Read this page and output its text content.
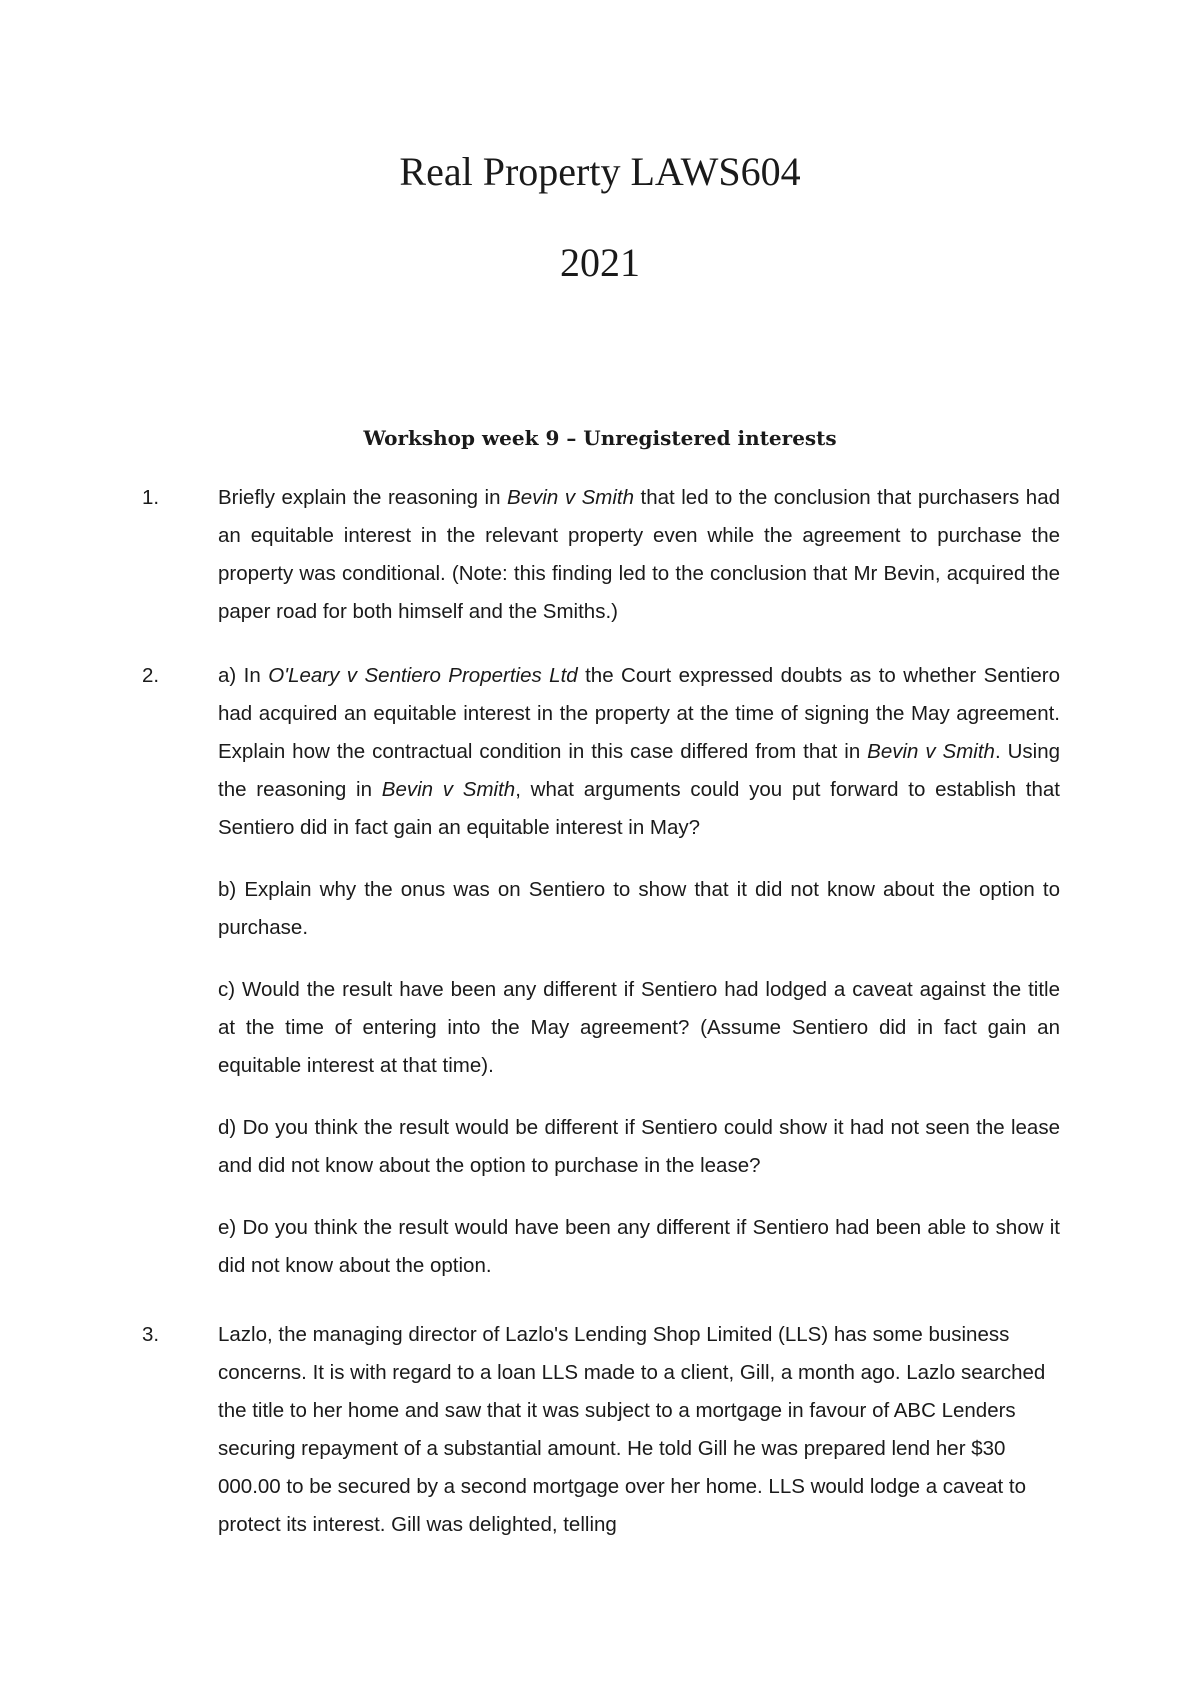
Real Property LAWS604
2021
Workshop week 9 – Unregistered interests
1.	Briefly explain the reasoning in Bevin v Smith that led to the conclusion that purchasers had an equitable interest in the relevant property even while the agreement to purchase the property was conditional. (Note: this finding led to the conclusion that Mr Bevin, acquired the paper road for both himself and the Smiths.)

2.	a) In O'Leary v Sentiero Properties Ltd the Court expressed doubts as to whether Sentiero had acquired an equitable interest in the property at the time of signing the May agreement. Explain how the contractual condition in this case differed from that in Bevin v Smith. Using the reasoning in Bevin v Smith, what arguments could you put forward to establish that Sentiero did in fact gain an equitable interest in May?

b) Explain why the onus was on Sentiero to show that it did not know about the option to purchase.

c) Would the result have been any different if Sentiero had lodged a caveat against the title at the time of entering into the May agreement? (Assume Sentiero did in fact gain an equitable interest at that time).

d) Do you think the result would be different if Sentiero could show it had not seen the lease and did not know about the option to purchase in the lease?

e) Do you think the result would have been any different if Sentiero had been able to show it did not know about the option.

3.	Lazlo, the managing director of Lazlo's Lending Shop Limited (LLS) has some business concerns. It is with regard to a loan LLS made to a client, Gill, a month ago. Lazlo searched the title to her home and saw that it was subject to a mortgage in favour of ABC Lenders securing repayment of a substantial amount. He told Gill he was prepared lend her $30 000.00 to be secured by a second mortgage over her home. LLS would lodge a caveat to protect its interest. Gill was delighted, telling
